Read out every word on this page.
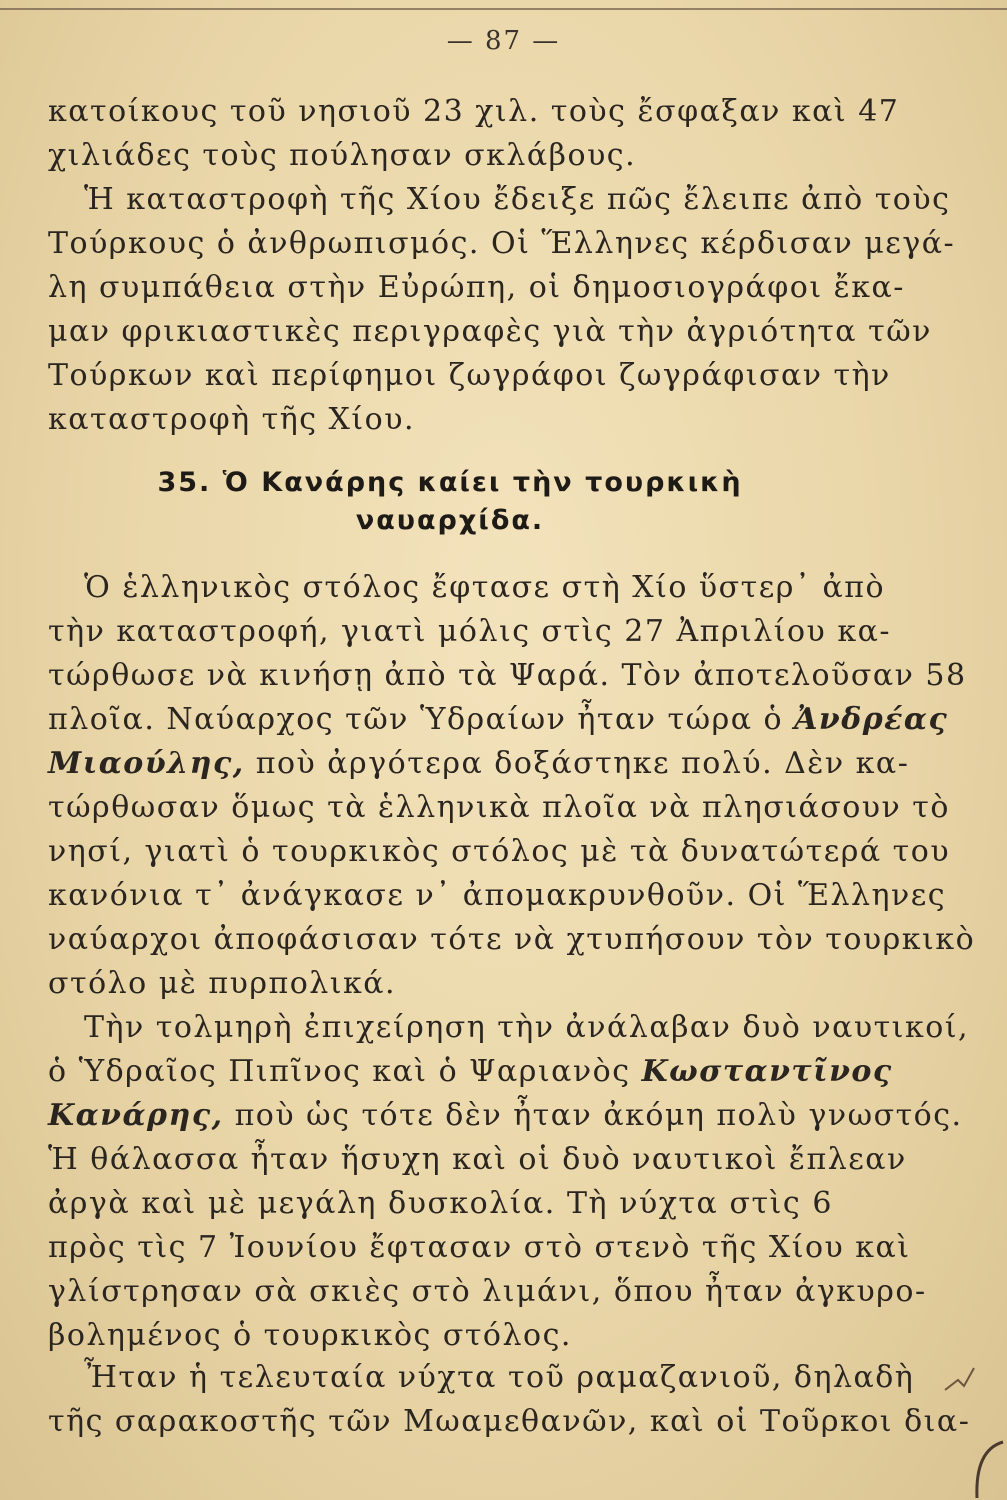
— 87 —
κατοίκους τοῦ νησιοῦ 23 χιλ. τοὺς ἔσφαξαν καὶ 47
χιλιάδες τοὺς πούλησαν σκλάβους.
Ἡ καταστροφὴ τῆς Χίου ἔδειξε πῶς ἔλειπε ἀπὸ τοὺς
Τούρκους ὁ ἀνθρωπισμός. Οἱ Ἕλληνες κέρδισαν μεγά-
λη συμπάθεια στὴν Εὐρώπη, οἱ δημοσιογράφοι ἔκα-
μαν φρικιαστικὲς περιγραφὲς γιὰ τὴν ἀγριότητα τῶν
Τούρκων καὶ περίφημοι ζωγράφοι ζωγράφισαν τὴν
καταστροφὴ τῆς Χίου.
35. Ὁ Κανάρης καίει τὴν τουρκικὴ
ναυαρχίδα.
Ὁ ἑλληνικὸς στόλος ἔφτασε στὴ Χίο ὕστερ᾽ ἀπὸ
τὴν καταστροφή, γιατὶ μόλις στὶς 27 Ἀπριλίου κα-
τώρθωσε νὰ κινήσῃ ἀπὸ τὰ Ψαρά. Τὸν ἀποτελοῦσαν 58
πλοῖα. Ναύαρχος τῶν Ὑδραίων ἦταν τώρα ὁ Ἀνδρέας
Μιαούλης, ποὺ ἀργότερα δοξάστηκε πολύ. Δὲν κα-
τώρθωσαν ὅμως τὰ ἑλληνικὰ πλοῖα νὰ πλησιάσουν τὸ
νησί, γιατὶ ὁ τουρκικὸς στόλος μὲ τὰ δυνατώτερά του
κανόνια τ᾽ ἀνάγκασε ν᾽ ἀπομακρυνθοῦν. Οἱ Ἕλληνες
ναύαρχοι ἀποφάσισαν τότε νὰ χτυπήσουν τὸν τουρκικὸ
στόλο μὲ πυρπολικά.
Τὴν τολμηρὴ ἐπιχείρηση τὴν ἀνάλαβαν δυὸ ναυτικοί,
ὁ Ὑδραῖος Πιπῖνος καὶ ὁ Ψαριανὸς Κωσταντῖνος
Κανάρης, ποὺ ὡς τότε δὲν ἦταν ἀκόμη πολὺ γνωστός.
Ἡ θάλασσα ἦταν ἥσυχη καὶ οἱ δυὸ ναυτικοὶ ἔπλεαν
ἀργὰ καὶ μὲ μεγάλη δυσκολία. Τὴ νύχτα στὶς 6
πρὸς τὶς 7 Ἰουνίου ἔφτασαν στὸ στενὸ τῆς Χίου καὶ
γλίστρησαν σὰ σκιὲς στὸ λιμάνι, ὅπου ἦταν ἀγκυρο-
βολημένος ὁ τουρκικὸς στόλος.
Ἦταν ἡ τελευταία νύχτα τοῦ ραμαζανιοῦ, δηλαδὴ
τῆς σαρακοστῆς τῶν Μωαμεθανῶν, καὶ οἱ Τοῦρκοι δια-
